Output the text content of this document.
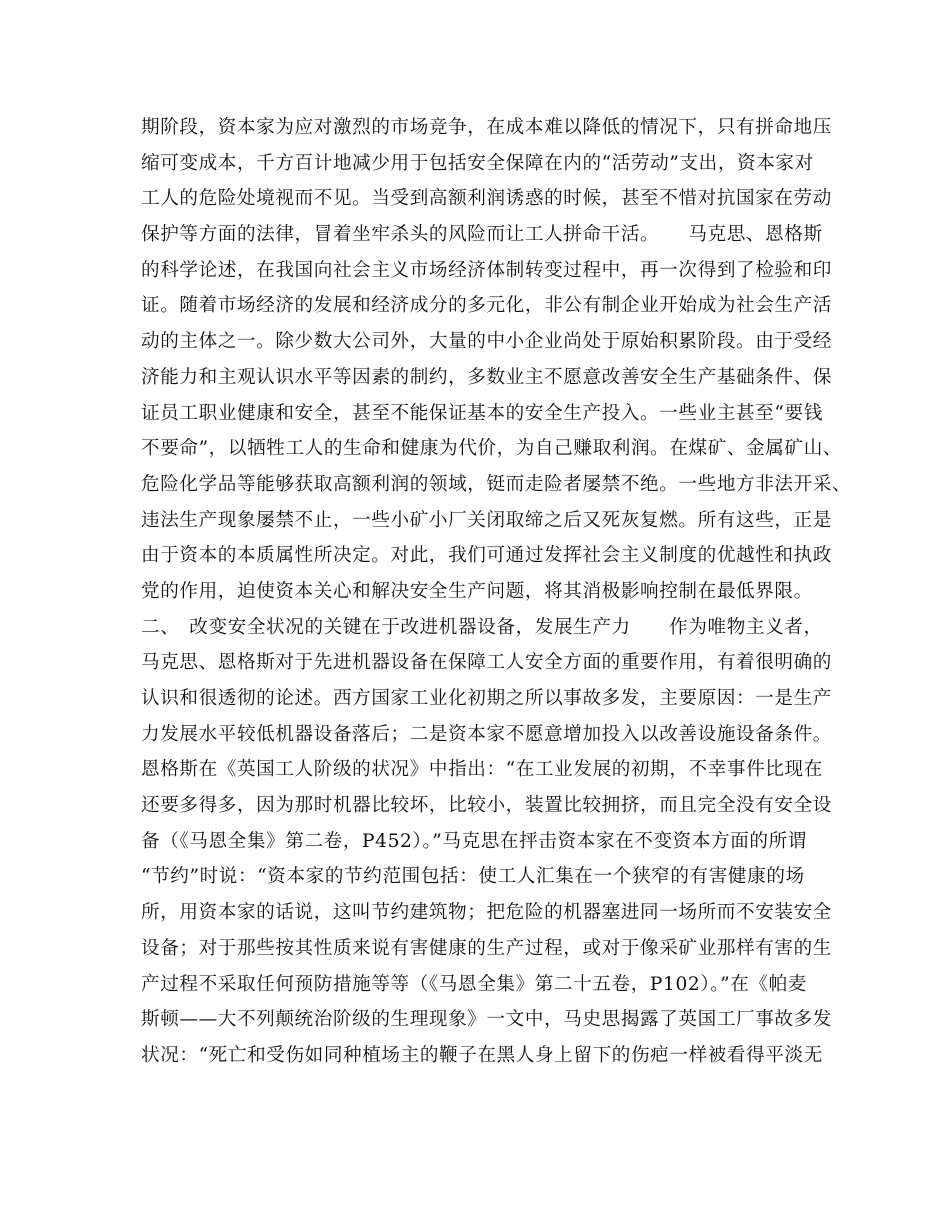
期阶段，资本家为应对激烈的市场竞争，在成本难以降低的情况下，只有拼命地压
缩可变成本，千方百计地减少用于包括安全保障在内的“活劳动”支出，资本家对
工人的危险处境视而不见。当受到高额利润诱惑的时候，甚至不惜对抗国家在劳动
保护等方面的法律，冒着坐牢杀头的风险而让工人拼命干活。　　马克思、恩格斯
的科学论述，在我国向社会主义市场经济体制转变过程中，再一次得到了检验和印
证。随着市场经济的发展和经济成分的多元化，非公有制企业开始成为社会生产活
动的主体之一。除少数大公司外，大量的中小企业尚处于原始积累阶段。由于受经
济能力和主观认识水平等因素的制约，多数业主不愿意改善安全生产基础条件、保
证员工职业健康和安全，甚至不能保证基本的安全生产投入。一些业主甚至“要钱
不要命”，以牺牲工人的生命和健康为代价，为自己赚取利润。在煤矿、金属矿山、
危险化学品等能够获取高额利润的领域，铤而走险者屡禁不绝。一些地方非法开采、
违法生产现象屡禁不止，一些小矿小厂关闭取缔之后又死灰复燃。所有这些，正是
由于资本的本质属性所决定。对此，我们可通过发挥社会主义制度的优越性和执政
党的作用，迫使资本关心和解决安全生产问题，将其消极影响控制在最低界限。
二、　改变安全状况的关键在于改进机器设备，发展生产力　　作为唯物主义者，
马克思、恩格斯对于先进机器设备在保障工人安全方面的重要作用，有着很明确的
认识和很透彻的论述。西方国家工业化初期之所以事故多发，主要原因：一是生产
力发展水平较低机器设备落后；二是资本家不愿意增加投入以改善设施设备条件。
恩格斯在《英国工人阶级的状况》中指出：“在工业发展的初期，不幸事件比现在
还要多得多，因为那时机器比较坏，比较小，装置比较拥挤，而且完全没有安全设
备（《马恩全集》第二卷，P452）。”马克思在抨击资本家在不变资本方面的所谓
“节约”时说：“资本家的节约范围包括：使工人汇集在一个狭窄的有害健康的场
所，用资本家的话说，这叫节约建筑物；把危险的机器塞进同一场所而不安装安全
设备；对于那些按其性质来说有害健康的生产过程，或对于像采矿业那样有害的生
产过程不采取任何预防措施等等（《马恩全集》第二十五卷，P102）。”在《帕麦
斯顿——大不列颠统治阶级的生理现象》一文中，马史思揭露了英国工厂事故多发
状况：“死亡和受伤如同种植场主的鞭子在黑人身上留下的伤疤一样被看得平淡无
